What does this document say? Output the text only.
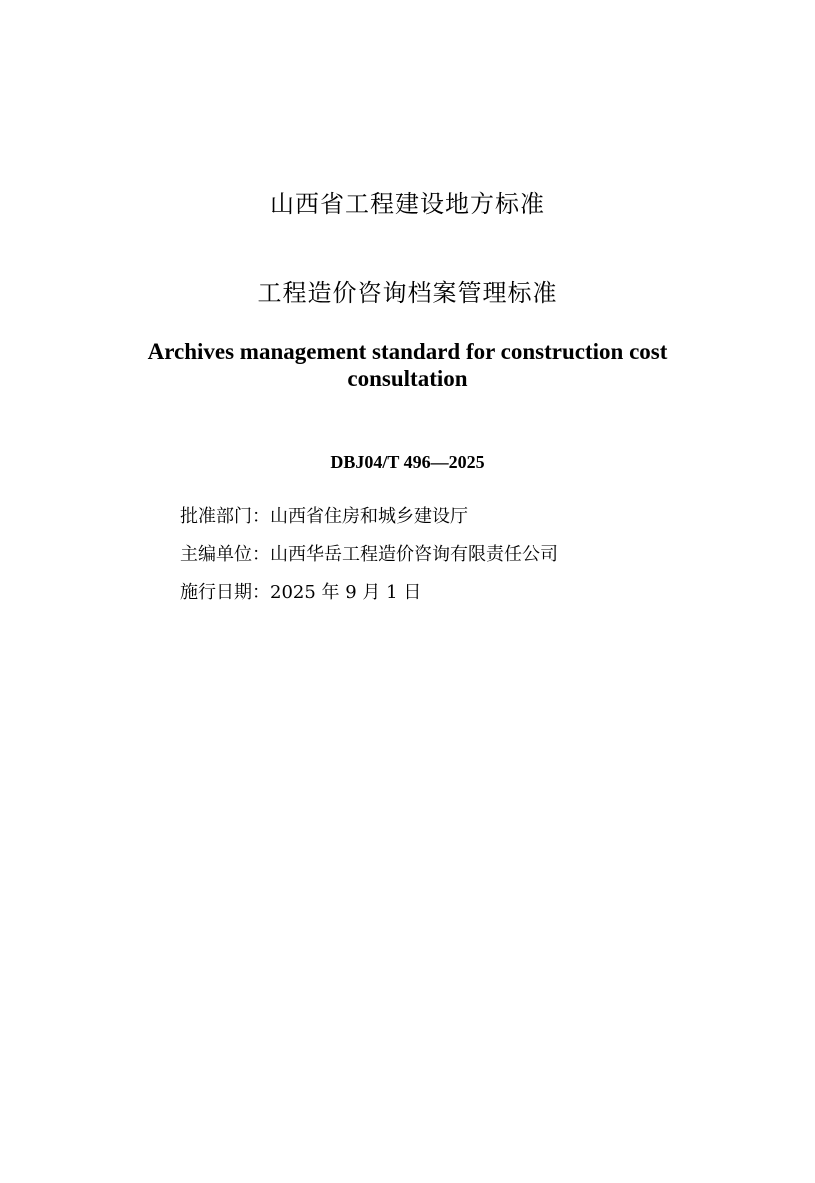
山西省工程建设地方标准
工程造价咨询档案管理标准
Archives management standard for construction cost consultation
DBJ04/T 496—2025
批准部门：山西省住房和城乡建设厅
主编单位：山西华岳工程造价咨询有限责任公司
施行日期：2025 年 9 月 1 日
